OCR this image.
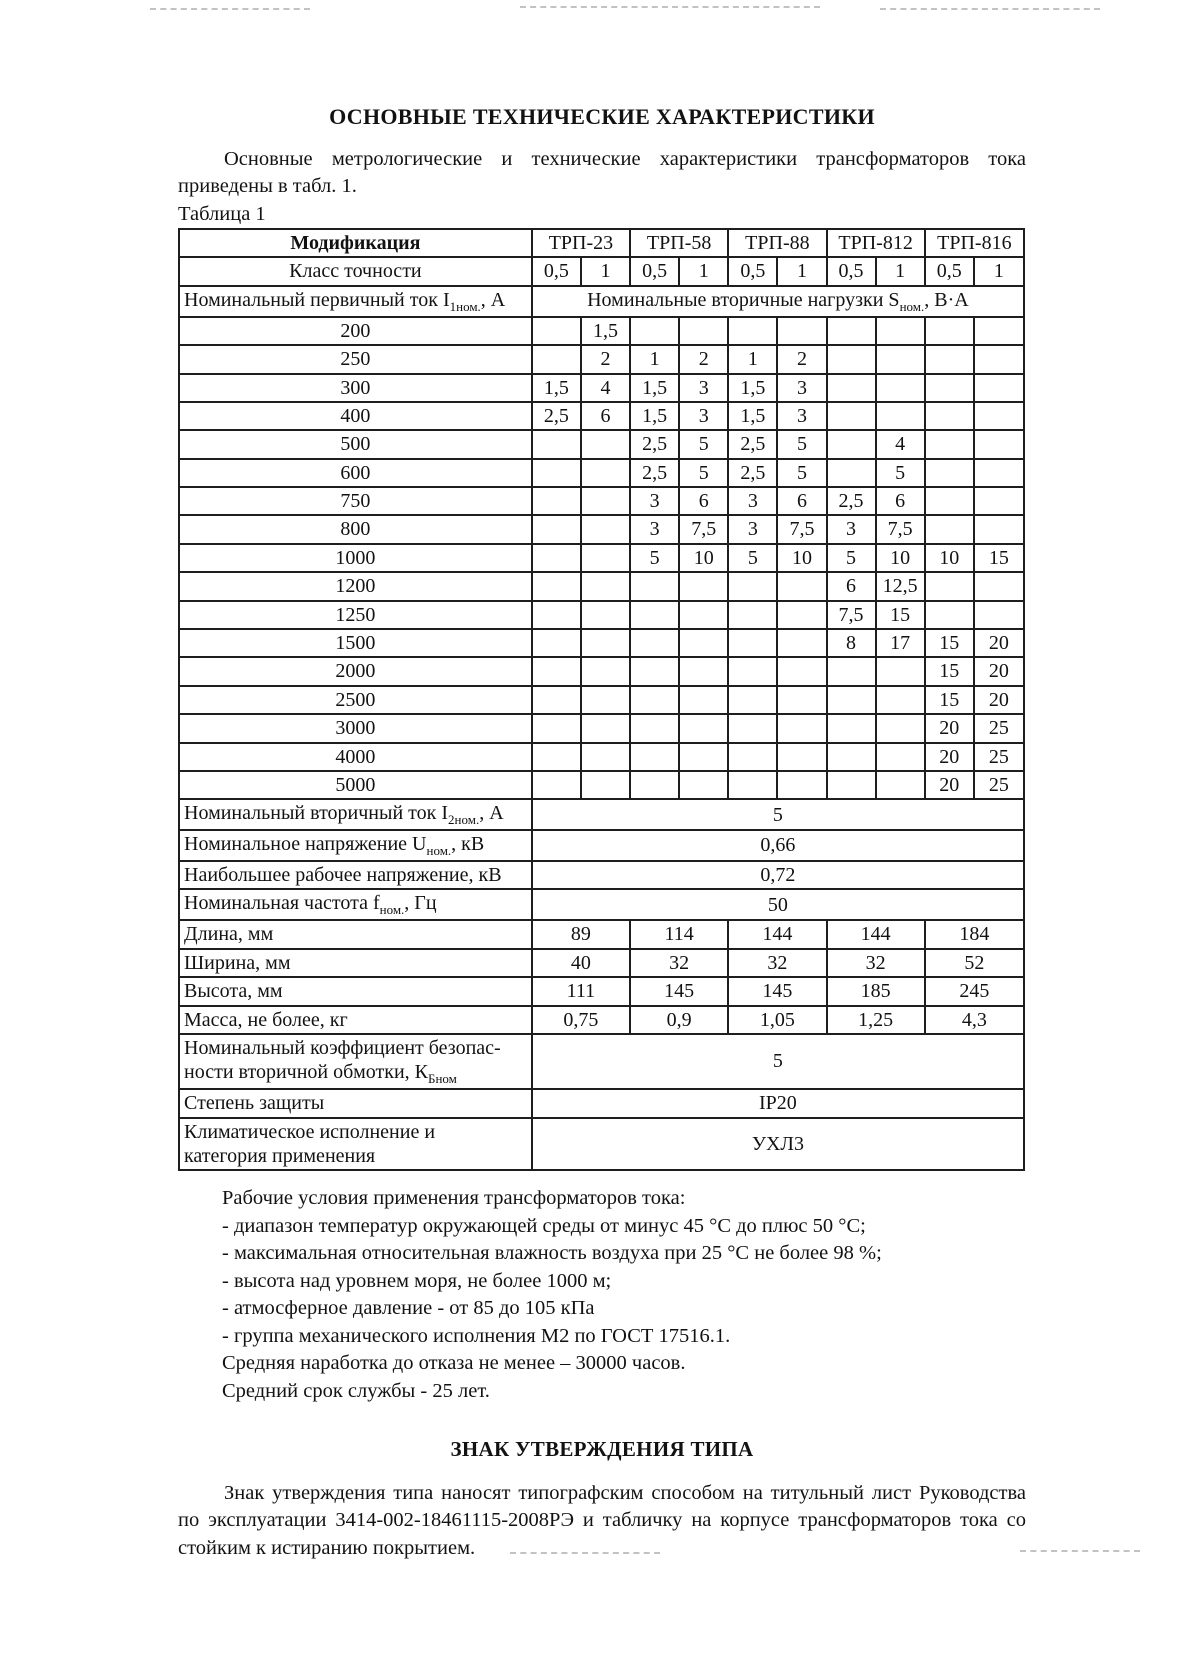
ОСНОВНЫЕ ТЕХНИЧЕСКИЕ ХАРАКТЕРИСТИКИ

Основные метрологические и технические характеристики трансформаторов тока приведены в табл. 1.

Таблица 1
Модификация	ТРП-23		ТРП-58		ТРП-88		ТРП-812		ТРП-816	
Класс точности	0,5	1	0,5	1	0,5	1	0,5	1	0,5	1
Номинальный первичный ток $I_{1ном.}$, А	Номинальные вторичные нагрузки $S_{ном.}$, В·А									
200		1,5								
250		2	1	2	1	2				
300	1,5	4	1,5	3	1,5	3				
400	2,5	6	1,5	3	1,5	3				
500			2,5	5	2,5	5		4		
600			2,5	5	2,5	5		5		
750			3	6	3	6	2,5	6		
800			3	7,5	3	7,5	3	7,5		
1000			5	10	5	10	5	10	10	15
1200							6	12,5		
1250							7,5	15		
1500							8	17	15	20
2000									15	20
2500									15	20
3000									20	25
4000									20	25
5000									20	25
Номинальный вторичный ток $I_{2ном.}$, А	5									
Номинальное напряжение $U_{ном.}$, кВ	0,66									
Наибольшее рабочее напряжение, кВ	0,72									
Номинальная частота $f_{ном.}$, Гц	50									
Длина, мм	89		114		144		144		184	
Ширина, мм	40		32		32		32		52	
Высота, мм	111		145		145		185		245	
Масса, не более, кг	0,75		0,9		1,05		1,25		4,3	
Номинальный коэффициент безопас-
ности вторичной обмотки, $К_{Бном}$	5									
Степень защиты	IP20									
Климатическое исполнение и
категория применения	УХЛ3									
Рабочие условия применения трансформаторов тока:
- диапазон температур окружающей среды от минус 45 °С до плюс 50 °С;
- максимальная относительная влажность воздуха при 25 °С не более 98 %;
- высота над уровнем моря, не более 1000 м;
- атмосферное давление - от 85 до 105 кПа
- группа механического исполнения М2 по ГОСТ 17516.1.
Средняя наработка до отказа не менее – 30000 часов.
Средний срок службы - 25 лет.
ЗНАК УТВЕРЖДЕНИЯ ТИПА

Знак утверждения типа наносят типографским способом на титульный лист Руководства по эксплуатации 3414-002-18461115-2008РЭ и табличку на корпусе трансформаторов тока со стойким к истиранию покрытием.
